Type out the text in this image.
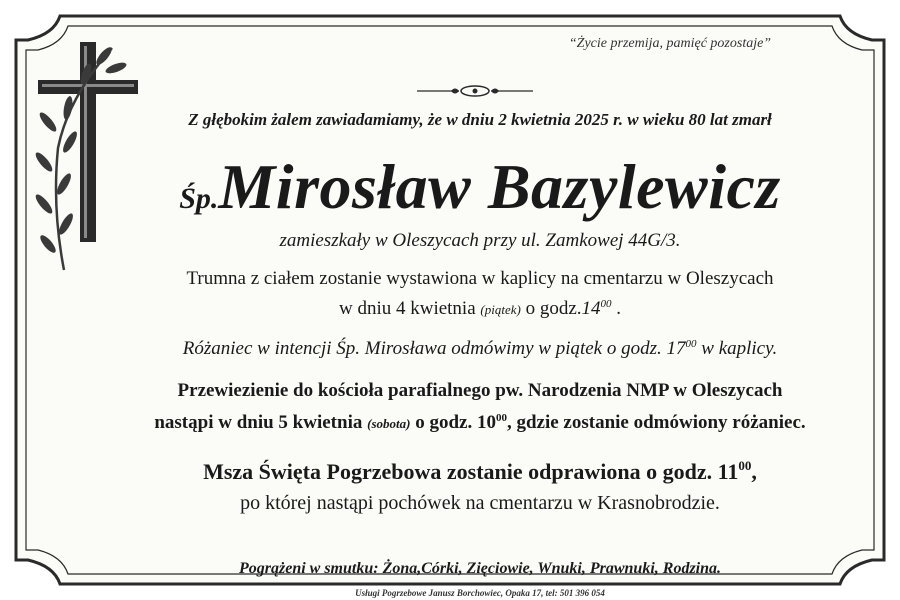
“Życie przemija, pamięć pozostaje”
Z głębokim żalem zawiadamiamy, że w dniu 2 kwietnia 2025 r. w wieku 80 lat zmarł
Śp.Mirosław Bazylewicz
zamieszkały w Oleszycach przy ul. Zamkowej 44G/3.
Trumna z ciałem zostanie wystawiona w kaplicy na cmentarzu w Oleszycach
w dniu 4 kwietnia (piątek) o $godz.14^{00}$ .
Różaniec w intencji Śp. Mirosława odmówimy w piątek o godz. $17^{00}$ w kaplicy.
Przewiezienie do kościoła parafialnego pw. Narodzenia NMP w Oleszycach
nastąpi w dniu 5 kwietnia (sobota) o godz. $10^{00}$, gdzie zostanie odmówiony różaniec.
Msza Święta Pogrzebowa zostanie odprawiona o godz. $11^{00}$,
po której nastąpi pochówek na cmentarzu w Krasnobrodzie.
Pogrążeni w smutku: Żona,Córki, Zięciowie, Wnuki, Prawnuki, Rodzina.
Usługi Pogrzebowe Janusz Borchowiec, Opaka 17, tel: 501 396 054
